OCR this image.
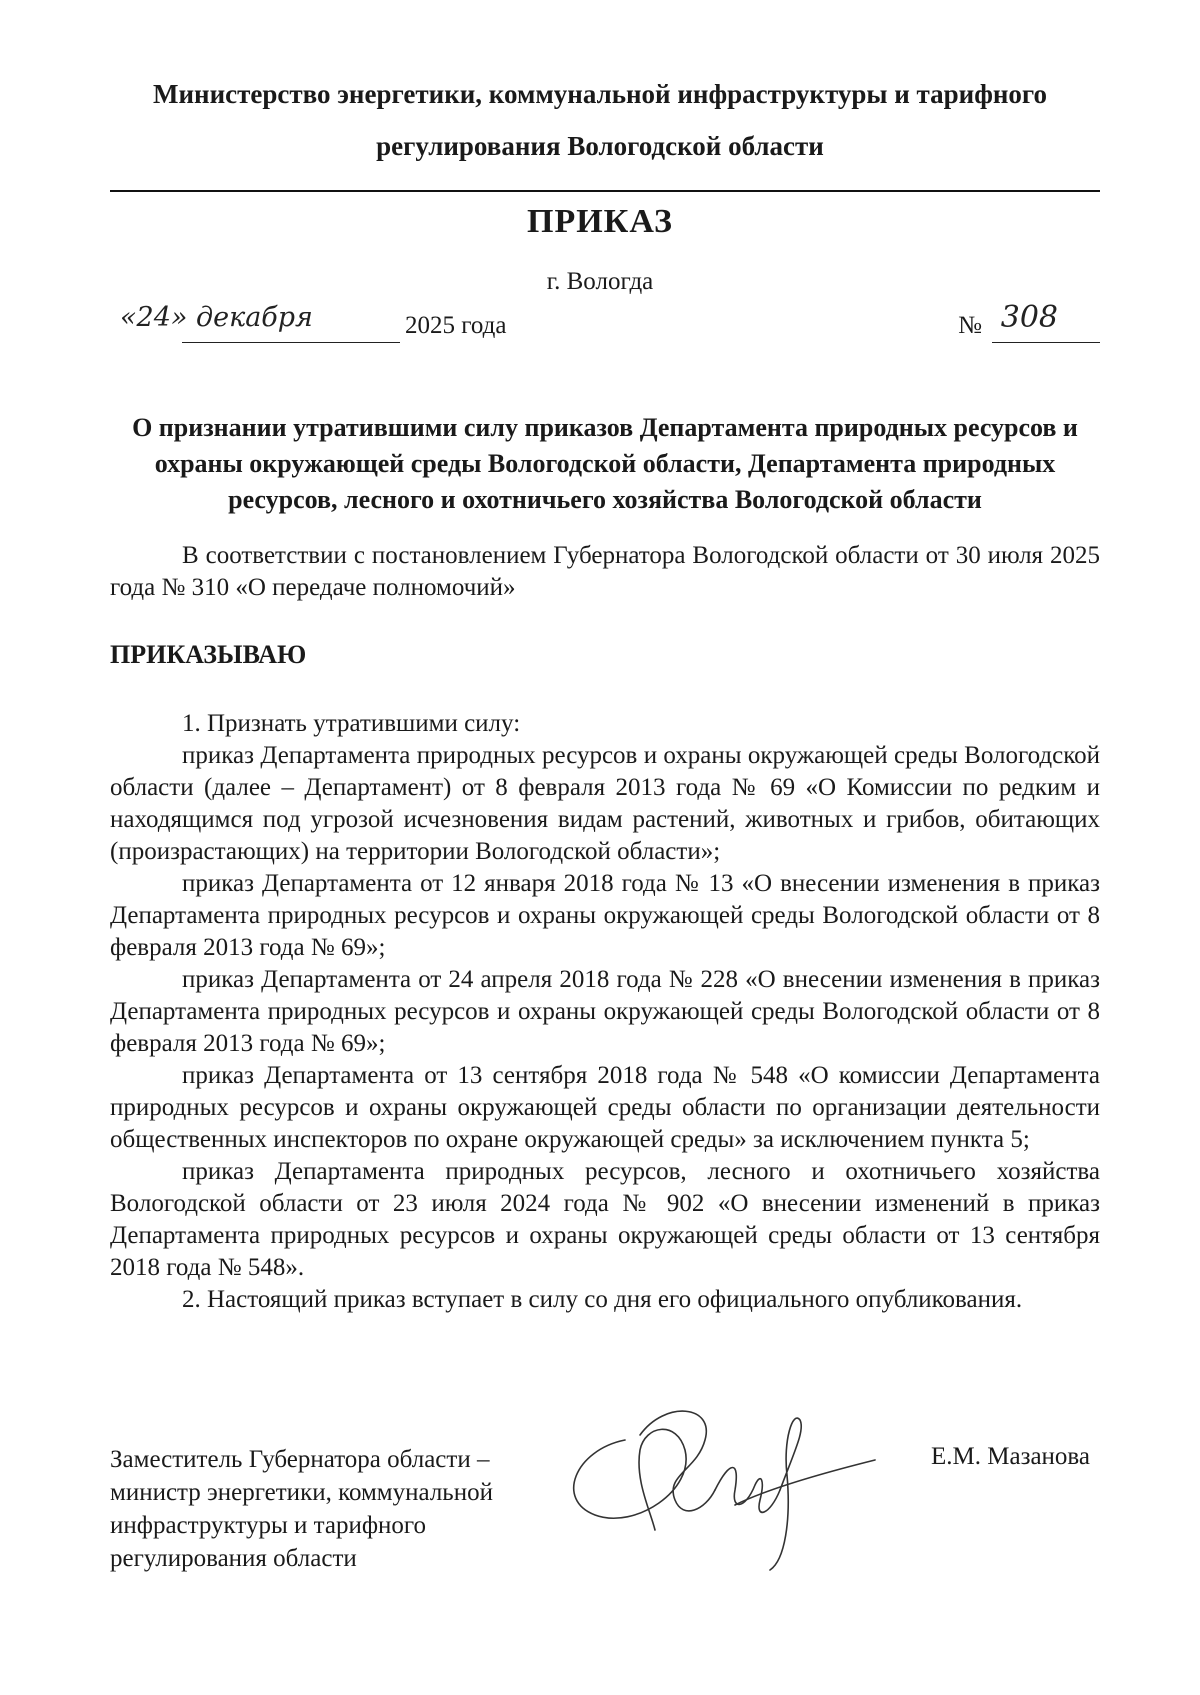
Министерство энергетики, коммунальной инфраструктуры и тарифного
регулирования Вологодской области
ПРИКАЗ
г. Вологда
«24» декабря	2025 года	№ 308
О признании утратившими силу приказов Департамента природных ресурсов и охраны окружающей среды Вологодской области, Департамента природных ресурсов, лесного и охотничьего хозяйства Вологодской области
В соответствии с постановлением Губернатора Вологодской области от 30 июля 2025 года № 310 «О передаче полномочий»
ПРИКАЗЫВАЮ

1. Признать утратившими силу:

приказ Департамента природных ресурсов и охраны окружающей среды Вологодской области (далее – Департамент) от 8 февраля 2013 года № 69 «О Комиссии по редким и находящимся под угрозой исчезновения видам растений, животных и грибов, обитающих (произрастающих) на территории Вологодской области»;

приказ Департамента от 12 января 2018 года № 13 «О внесении изменения в приказ Департамента природных ресурсов и охраны окружающей среды Вологодской области от 8 февраля 2013 года № 69»;

приказ Департамента от 24 апреля 2018 года № 228 «О внесении изменения в приказ Департамента природных ресурсов и охраны окружающей среды Вологодской области от 8 февраля 2013 года № 69»;

приказ Департамента от 13 сентября 2018 года № 548 «О комиссии Департамента природных ресурсов и охраны окружающей среды области по организации деятельности общественных инспекторов по охране окружающей среды» за исключением пункта 5;

приказ Департамента природных ресурсов, лесного и охотничьего хозяйства Вологодской области от 23 июля 2024 года № 902 «О внесении изменений в приказ Департамента природных ресурсов и охраны окружающей среды области от 13 сентября 2018 года № 548».

2. Настоящий приказ вступает в силу со дня его официального опубликования.

Заместитель Губернатора области –
министр энергетики, коммунальной
инфраструктуры и тарифного
регулирования области
Е.М. Мазанова
